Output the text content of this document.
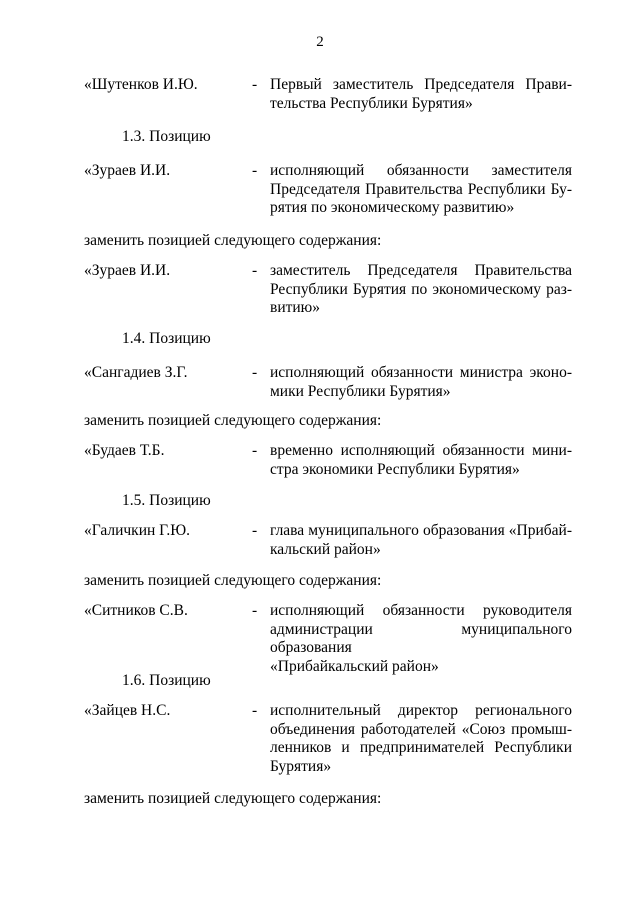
2
«Шутенков И.Ю.	- Первый заместитель Председателя Прави-
тельства Республики Бурятия»
1.3. Позицию
«Зураев И.И.	- исполняющий обязанности заместителя
Председателя Правительства Республики Бу-
рятия по экономическому развитию»
заменить позицией следующего содержания:
«Зураев И.И.	- заместитель Председателя Правительства
Республики Бурятия по экономическому раз-
витию»
1.4. Позицию
«Сангадиев З.Г.	- исполняющий обязанности министра эконо-
мики Республики Бурятия»
заменить позицией следующего содержания:
«Будаев Т.Б.	- временно исполняющий обязанности мини-
стра экономики Республики Бурятия»
1.5. Позицию
«Галичкин Г.Ю.	- глава муниципального образования «Прибай-
кальский район»
заменить позицией следующего содержания:
«Ситников С.В.	- исполняющий обязанности руководителя
администрации муниципального образования
«Прибайкальский район»
1.6. Позицию
«Зайцев Н.С.	- исполнительный директор регионального
объединения работодателей «Союз промыш-
ленников и предпринимателей Республики
Бурятия»
заменить позицией следующего содержания:
